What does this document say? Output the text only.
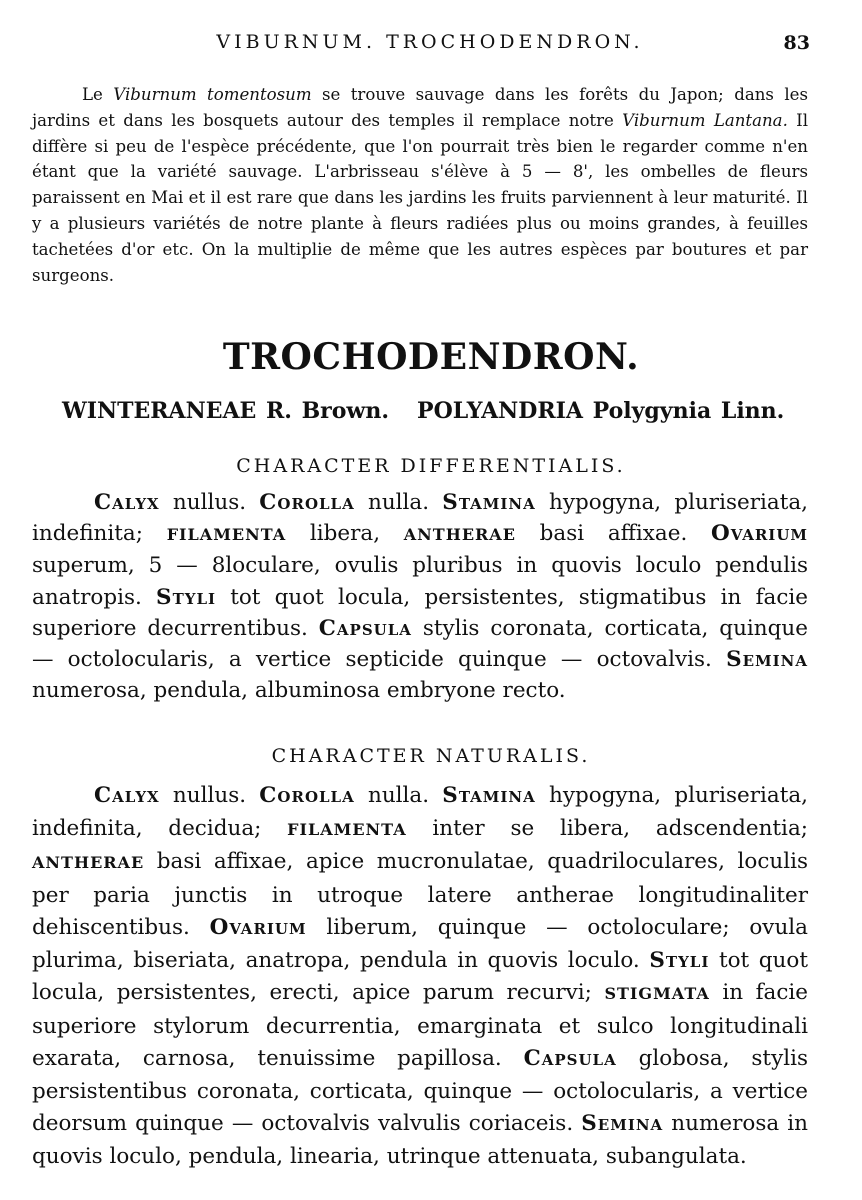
VIBURNUM. TROCHODENDRON.	83

Le Viburnum tomentosum se trouve sauvage dans les forêts du Japon; dans les jardins et dans les bosquets autour des temples il remplace notre Viburnum Lantana. Il diffère si peu de l'espèce précédente, que l'on pourrait très bien le regarder comme n'en étant que la variété sauvage. L'arbrisseau s'élève à 5 — 8', les ombelles de fleurs paraissent en Mai et il est rare que dans les jardins les fruits parviennent à leur maturité. Il y a plusieurs variétés de notre plante à fleurs radiées plus ou moins grandes, à feuilles tachetées d'or etc. On la multiplie de même que les autres espèces par boutures et par surgeons.

TROCHODENDRON.
WINTERANEAE R. Brown. POLYANDRIA Polygynia Linn.
CHARACTER DIFFERENTIALIS.

Calyx nullus. Corolla nulla. Stamina hypogyna, pluriseriata, indefinita; FILAMENTA libera, ANTHERAE basi affixae. Ovarium superum, 5 — 8loculare, ovulis pluribus in quovis loculo pendulis anatropis. Styli tot quot locula, persistentes, stigmatibus in facie superiore decurrentibus. Capsula stylis coronata, corticata, quinque — octolocularis, a vertice septicide quinque — octovalvis. Semina numerosa, pendula, albuminosa embryone recto.

CHARACTER NATURALIS.

Calyx nullus. Corolla nulla. Stamina hypogyna, pluriseriata, indefinita, decidua; FILAMENTA inter se libera, adscendentia; ANTHERAE basi affixae, apice mucronulatae, quadriloculares, loculis per paria junctis in utroque latere antherae longitudinaliter dehiscentibus. Ovarium liberum, quinque — octoloculare; ovula plurima, biseriata, anatropa, pendula in quovis loculo. Styli tot quot locula, persistentes, erecti, apice parum recurvi; STIGMATA in facie superiore stylorum decurrentia, emarginata et sulco longitudinali exarata, carnosa, tenuissime papillosa. Capsula globosa, stylis persistentibus coronata, corticata, quinque — octolocularis, a vertice deorsum quinque — octovalvis valvulis coriaceis. Semina numerosa in quovis loculo, pendula, linearia, utrinque attenuata, subangulata.
